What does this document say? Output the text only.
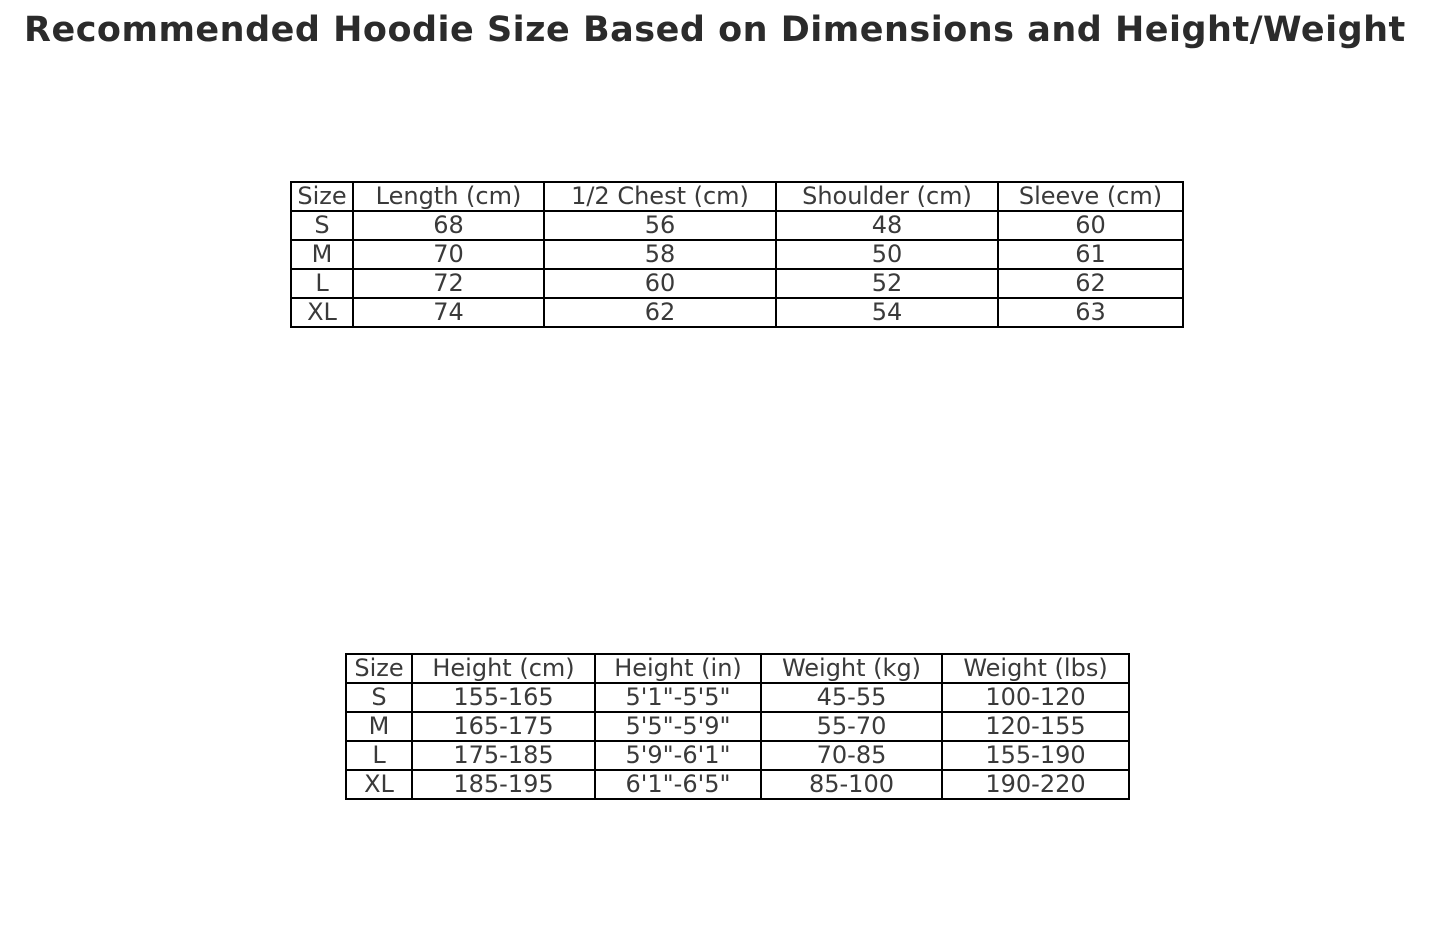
Recommended Hoodie Size Based on Dimensions and Height/Weight
Size	Length (cm)	1/2 Chest (cm)	Shoulder (cm)	Sleeve (cm)
S	68	56	48	60
M	70	58	50	61
L	72	60	52	62
XL	74	62	54	63
Size	Height (cm)	Height (in)	Weight (kg)	Weight (lbs)
S	155-165	5'1"-5'5"	45-55	100-120
M	165-175	5'5"-5'9"	55-70	120-155
L	175-185	5'9"-6'1"	70-85	155-190
XL	185-195	6'1"-6'5"	85-100	190-220
